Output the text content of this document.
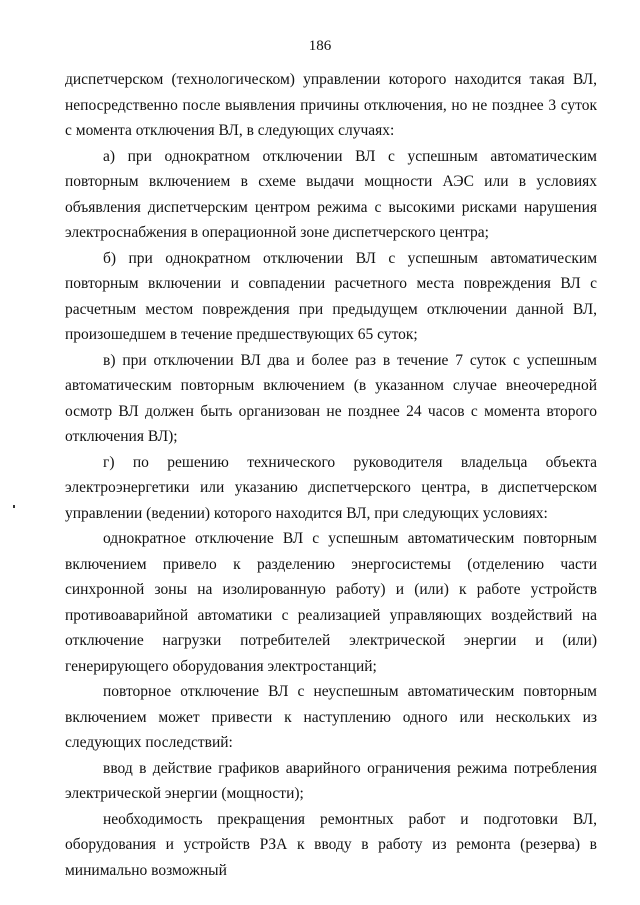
186

диспетчерском (технологическом) управлении которого находится такая ВЛ, непосредственно после выявления причины отключения, но не позднее 3 суток с момента отключения ВЛ, в следующих случаях:

а) при однократном отключении ВЛ с успешным автоматическим повторным включением в схеме выдачи мощности АЭС или в условиях объявления диспетчерским центром режима с высокими рисками нарушения электроснабжения в операционной зоне диспетчерского центра;

б) при однократном отключении ВЛ с успешным автоматическим повторным включении и совпадении расчетного места повреждения ВЛ с расчетным местом повреждения при предыдущем отключении данной ВЛ, произошедшем в течение предшествующих 65 суток;

в) при отключении ВЛ два и более раз в течение 7 суток с успешным автоматическим повторным включением (в указанном случае внеочередной осмотр ВЛ должен быть организован не позднее 24 часов с момента второго отключения ВЛ);

г) по решению технического руководителя владельца объекта электроэнергетики или указанию диспетчерского центра, в диспетчерском управлении (ведении) которого находится ВЛ, при следующих условиях:

однократное отключение ВЛ с успешным автоматическим повторным включением привело к разделению энергосистемы (отделению части синхронной зоны на изолированную работу) и (или) к работе устройств противоаварийной автоматики с реализацией управляющих воздействий на отключение нагрузки потребителей электрической энергии и (или) генерирующего оборудования электростанций;

повторное отключение ВЛ с неуспешным автоматическим повторным включением может привести к наступлению одного или нескольких из следующих последствий:

ввод в действие графиков аварийного ограничения режима потребления электрической энергии (мощности);

необходимость прекращения ремонтных работ и подготовки ВЛ, оборудования и устройств РЗА к вводу в работу из ремонта (резерва) в минимально возможный
